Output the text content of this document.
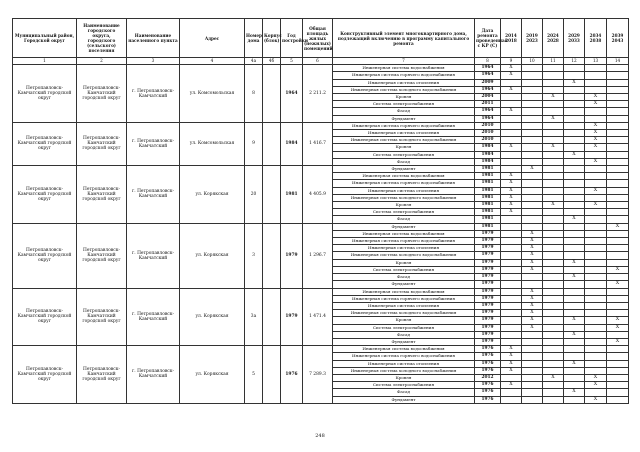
Муниципальный район, Городской округ	Наименование городского округа, городского (сельского) поселения	Наименование населенного пункта	Адрес	Номер дома	Корпус (блок)	Год постройки	Общая площадь жилых (нежилых) помещений	Конструктивный элемент многоквартирного дома, подлежащий включению в программу капитального ремонта	Дата ремонта проведенная с КР (С)	2014 2018	2019 2023	2024 2028	2029 2033	2034 2038	2039 2043
1	2	3	4	4а	4б	5	6	7	8	9	10	11	12	13	14
Петропавловск-Камчатский городской округ	Петропавловск-Камчатский городской округ	г. Петропавловск-Камчатский	ул. Комсомольская	8		1964	2 211.2	Инженерная система водоснабжения	1964	X					
								Инженерная система горячего водоснабжения	1964	X					
								Инженерная система отопления	2009				X		
								Инженерная система холодного водоснабжения	1964	X					
								Кровля	2004			X		X	
								Система электроснабжения	2011					X	
								Фасад	1964	X					
								Фундамент	1964			X			
Петропавловск-Камчатский городской округ	Петропавловск-Камчатский городской округ	г. Петропавловск-Камчатский	ул. Комсомольская	9		1984	1 416.7	Инженерная система горячего водоснабжения	2010					X	
								Инженерная система отопления	2010					X	
								Инженерная система холодного водоснабжения	2010					X	
								Кровля	1984	X		X		X	
								Система электроснабжения	1984				X		
								Фасад	1984					X	
Петропавловск-Камчатский городской округ	Петропавловск-Камчатский городской округ	г. Петропавловск-Камчатский	ул. Корякская	20		1981	4 405.9	Фундамент	1981		X				
								Инженерная система водоснабжения	1981	X					
								Инженерная система горячего водоснабжения	1981	X					
								Инженерная система отопления	1981	X				X	
								Инженерная система холодного водоснабжения	1981	X					
								Кровля	1981	X		X		X	
								Система электроснабжения	1981	X					
								Фасад	1981				X		
Петропавловск-Камчатский городской округ	Петропавловск-Камчатский городской округ	г. Петропавловск-Камчатский	ул. Корякская	3		1979	1 296.7	Фундамент	1981						X
								Инженерная система водоснабжения	1979		X				
								Инженерная система горячего водоснабжения	1979		X				
								Инженерная система отопления	1979		X				
								Инженерная система холодного водоснабжения	1979		X				
								Кровля	1979		X		X		
								Система электроснабжения	1979		X				X
								Фасад	1979				X		
								Фундамент	1979						X
Петропавловск-Камчатский городской округ	Петропавловск-Камчатский городской округ	г. Петропавловск-Камчатский	ул. Корякская	3а		1979	1 471.4	Инженерная система водоснабжения	1979		X				
								Инженерная система горячего водоснабжения	1979		X				
								Инженерная система отопления	1979		X				
								Инженерная система холодного водоснабжения	1979		X				
								Кровля	1979		X		X		X
								Система электроснабжения	1979		X				X
								Фасад	1979				X		
								Фундамент	1979						X
Петропавловск-Камчатский городской округ	Петропавловск-Камчатский городской округ	г. Петропавловск-Камчатский	ул. Корякская	5		1976	7 289.3	Инженерная система водоснабжения	1976	X					
								Инженерная система горячего водоснабжения	1976	X					
								Инженерная система отопления	1976	X			X		
								Инженерная система холодного водоснабжения	1976	X					
								Кровля	2012			X		X	
								Система электроснабжения	1976	X				X	
								Фасад	1976				X		
								Фундамент	1976					X	
248
